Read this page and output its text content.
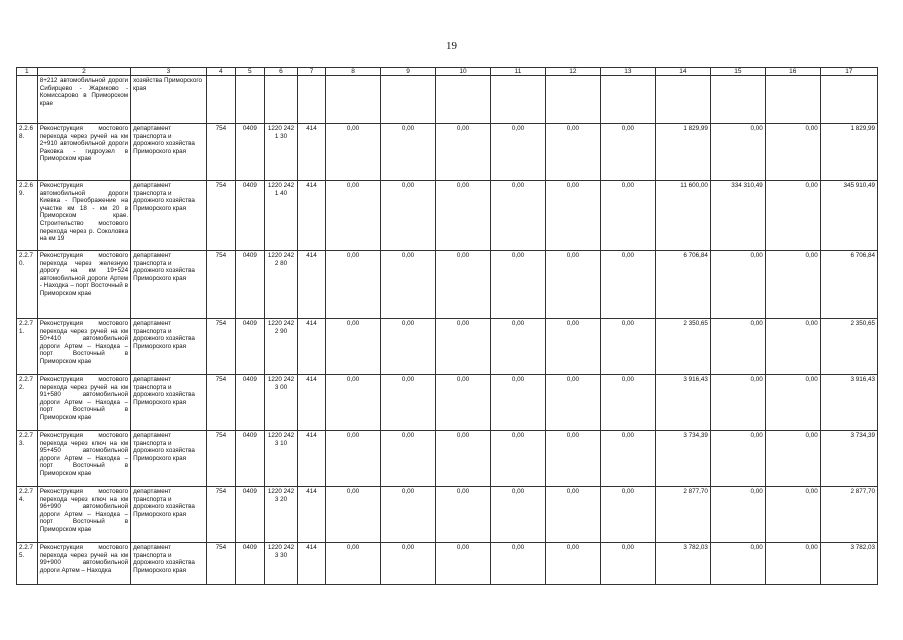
19
1	2	3	4	5	6	7	8	9	10	11	12	13	14	15	16	17
	8+212 автомобильной дороги Сибирцево - Жариково - Комиссарово в Приморском крае	хозяйства Приморского края														
2.2.6 8.	Реконструкция мостового перехода через ручей на км 2+910 автомобильной дороги Раковка - гидроузел в Приморском крае	департамент транспорта и дорожного хозяйства Приморского края	754	0409	1220 2421 30	414	0,00	0,00	0,00	0,00	0,00	0,00	1 829,99	0,00	0,00	1 829,99
2.2.6 9.	Реконструкция автомобильной дороги Киевка - Преображение на участке км 18 - км 20 в Приморском крае. Строительство мостового перехода через р. Соколовка на км 19	департамент транспорта и дорожного хозяйства Приморского края	754	0409	1220 2421 40	414	0,00	0,00	0,00	0,00	0,00	0,00	11 600,00	334 310,49	0,00	345 910,49
2.2.7 0.	Реконструкция мостового перехода через железную дорогу на км 19+524 автомобильной дороги Артем - Находка – порт Восточный в Приморском крае	департамент транспорта и дорожного хозяйства Приморского края	754	0409	1220 2422 80	414	0,00	0,00	0,00	0,00	0,00	0,00	6 706,84	0,00	0,00	6 706,84
2.2.7 1.	Реконструкция мостового перехода через ручей на км 50+410 автомобильной дороги Артем – Находка – порт Восточный в Приморском крае	департамент транспорта и дорожного хозяйства Приморского края	754	0409	1220 2422 90	414	0,00	0,00	0,00	0,00	0,00	0,00	2 350,65	0,00	0,00	2 350,65
2.2.7 2.	Реконструкция мостового перехода через ручей на км 91+580 автомобильной дороги Артем – Находка – порт Восточный в Приморском крае	департамент транспорта и дорожного хозяйства Приморского края	754	0409	1220 2423 00	414	0,00	0,00	0,00	0,00	0,00	0,00	3 916,43	0,00	0,00	3 916,43
2.2.7 3.	Реконструкция мостового перехода через ключ на км 95+450 автомобильной дороги Артем – Находка – порт Восточный в Приморском крае	департамент транспорта и дорожного хозяйства Приморского края	754	0409	1220 2423 10	414	0,00	0,00	0,00	0,00	0,00	0,00	3 734,39	0,00	0,00	3 734,39
2.2.7 4.	Реконструкция мостового перехода через ключ на км 96+990 автомобильной дороги Артем – Находка – порт Восточный в Приморском крае	департамент транспорта и дорожного хозяйства Приморского края	754	0409	1220 2423 20	414	0,00	0,00	0,00	0,00	0,00	0,00	2 877,70	0,00	0,00	2 877,70
2.2.7 5.	Реконструкция мостового перехода через ручей на км 99+900 автомобильной дороги Артем – Находка	департамент транспорта и дорожного хозяйства Приморского края	754	0409	1220 2423 30	414	0,00	0,00	0,00	0,00	0,00	0,00	3 782,03	0,00	0,00	3 782,03
